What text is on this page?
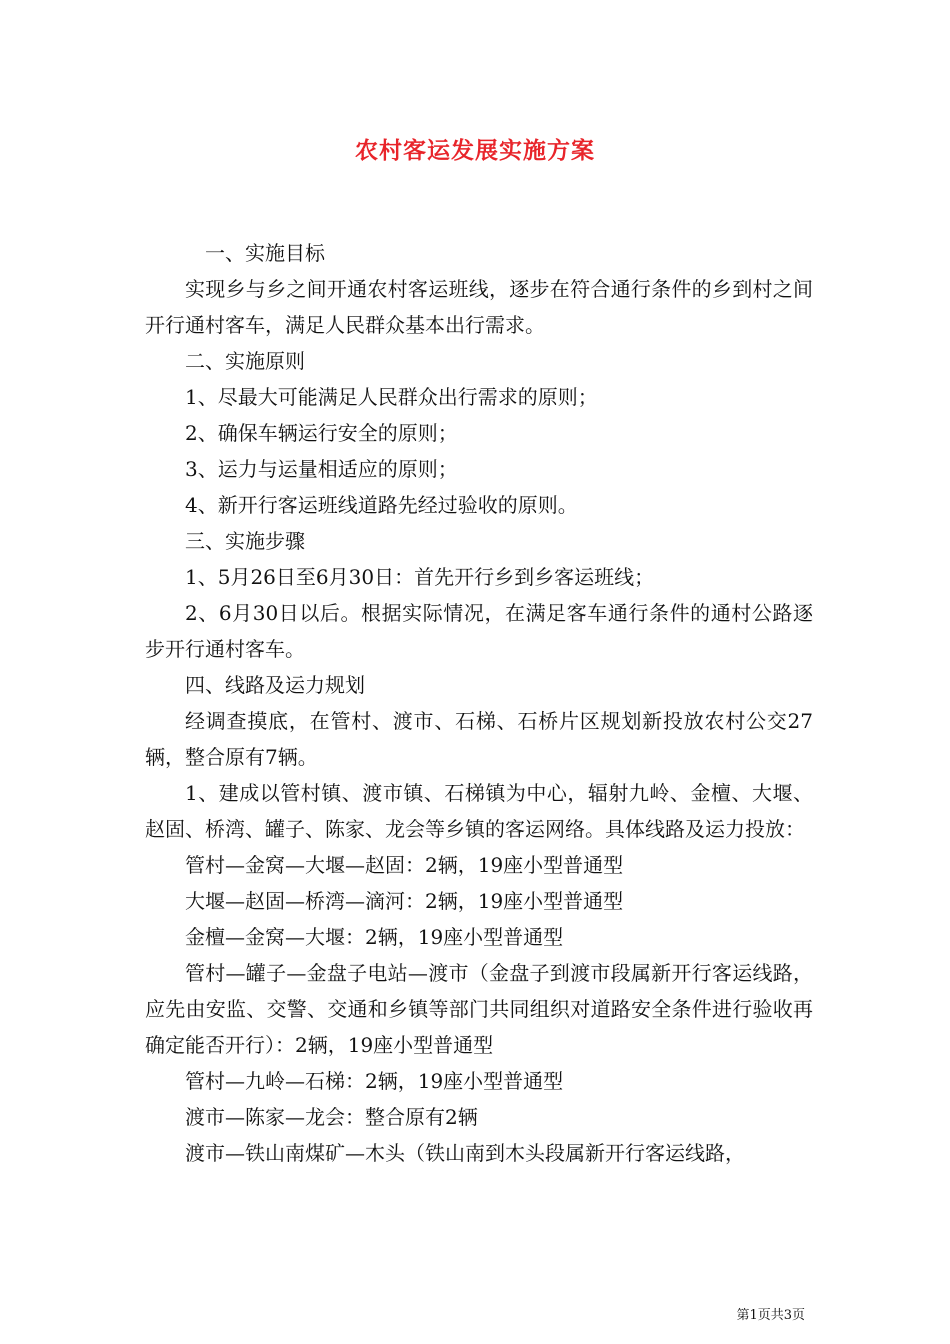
农村客运发展实施方案

一、实施目标

实现乡与乡之间开通农村客运班线，逐步在符合通行条件的乡到村之间开行通村客车，满足人民群众基本出行需求。

二、实施原则

1、尽最大可能满足人民群众出行需求的原则；

2、确保车辆运行安全的原则；

3、运力与运量相适应的原则；

4、新开行客运班线道路先经过验收的原则。

三、实施步骤

1、5月26日至6月30日：首先开行乡到乡客运班线；

2、6月30日以后。根据实际情况，在满足客车通行条件的通村公路逐步开行通村客车。

四、线路及运力规划

经调查摸底，在管村、渡市、石梯、石桥片区规划新投放农村公交27辆，整合原有7辆。

1、建成以管村镇、渡市镇、石梯镇为中心，辐射九岭、金檀、大堰、赵固、桥湾、罐子、陈家、龙会等乡镇的客运网络。具体线路及运力投放：

管村—金窝—大堰—赵固：2辆，19座小型普通型

大堰—赵固—桥湾—滴河：2辆，19座小型普通型

金檀—金窝—大堰：2辆，19座小型普通型

管村—罐子—金盘子电站—渡市（金盘子到渡市段属新开行客运线路，应先由安监、交警、交通和乡镇等部门共同组织对道路安全条件进行验收再确定能否开行）：2辆，19座小型普通型

管村—九岭—石梯：2辆，19座小型普通型

渡市—陈家—龙会：整合原有2辆

渡市—铁山南煤矿—木头（铁山南到木头段属新开行客运线路，

第1页共3页
